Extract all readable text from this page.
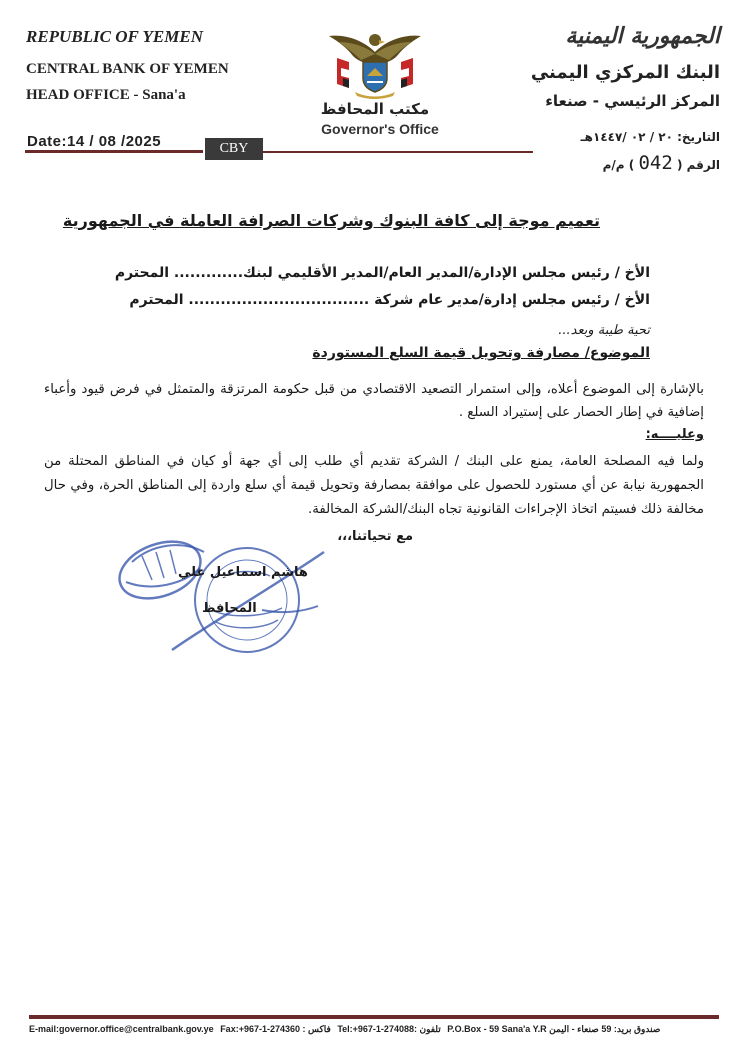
REPUBLIC OF YEMEN
CENTRAL BANK OF YEMEN
HEAD OFFICE - Sana'a
مكتب المحافظ
Governor's Office
الجمهورية اليمنية
البنك المركزي اليمني
المركز الرئيسي - صنعاء
Date:14 / 08 /2025	CBY
التاريخ: ٢٠ / ٠٢ /١٤٤٧هـ
الرقم ( 042 ) م/م
تعميم موجة إلى كافة البنوك وشركات الصرافة العاملة في الجمهورية
الأخ / رئيس مجلس الإدارة/المدير العام/المدير الأقليمي لبنك............. المحترم
الأخ / رئيس مجلس إدارة/مدير عام شركة .................................. المحترم
تحية طيبة وبعد...
الموضوع/ مصارفة وتحويل قيمة السلع المستوردة
بالإشارة إلى الموضوع أعلاه، وإلى استمرار التصعيد الاقتصادي من قبل حكومة المرتزقة والمتمثل في فرض قيود وأعباء إضافية في إطار الحصار على إستيراد السلع .
وعليــــه:
ولما فيه المصلحة العامة، يمنع على البنك / الشركة تقديم أي طلب إلى أي جهة أو كيان في المناطق المحتلة من الجمهورية نيابة عن أي مستورد للحصول على موافقة بمصارفة وتحويل قيمة أي سلع واردة إلى المناطق الحرة، وفي حال مخالفة ذلك فسيتم اتخاذ الإجراءات القانونية تجاه البنك/الشركة المخالفة.
مع تحياتنا،،،
هاشم اسماعيل علي
المحافظ
E-mail:governor.office@centralbank.gov.ye Fax:+967-1-274360 : فاكس Tel:+967-1-274088: تلفون P.O.Box - 59 Sana'a Y.R صندوق بريد: 59 صنعاء - اليمن
